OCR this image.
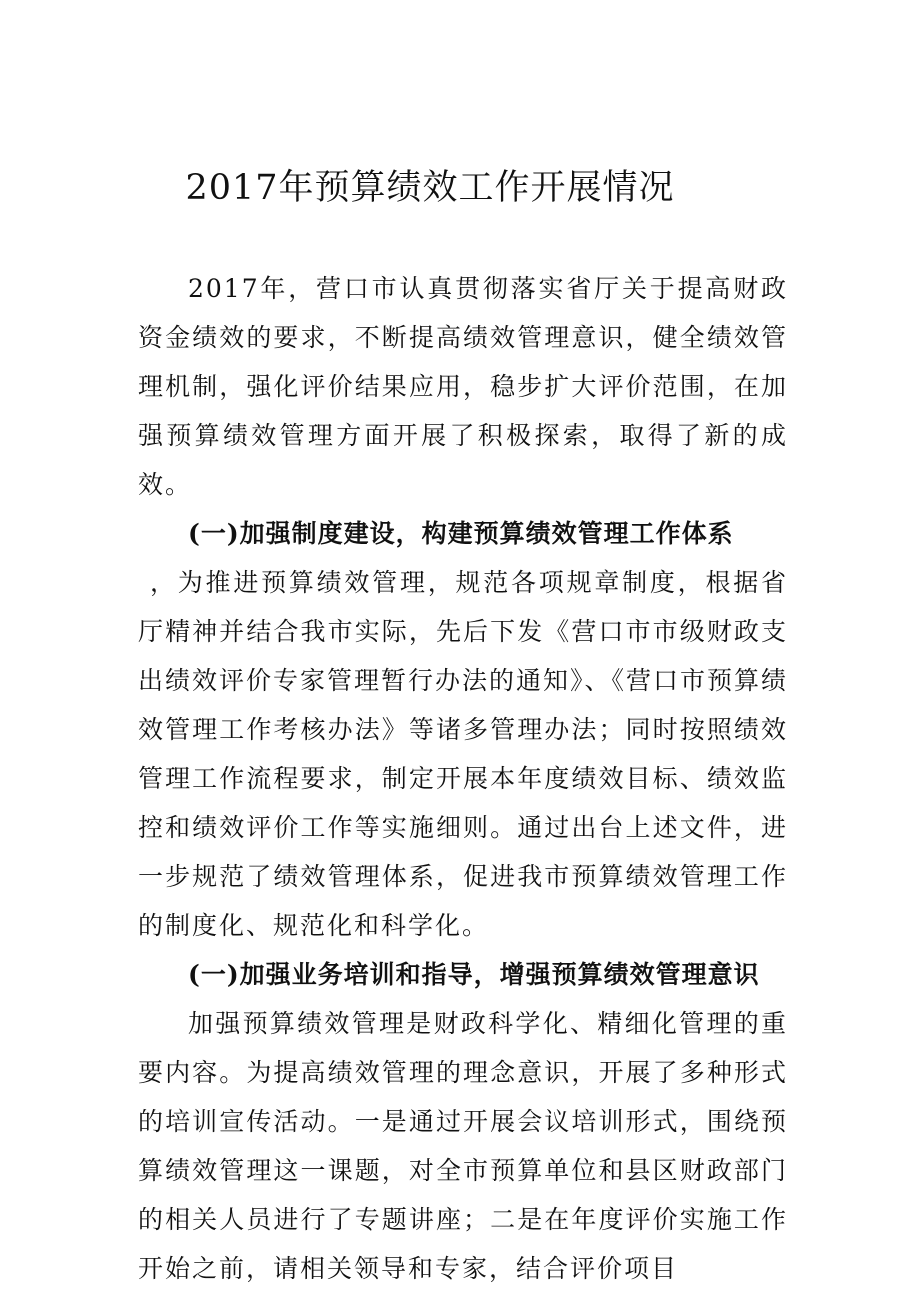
2017年预算绩效工作开展情况

2017年，营口市认真贯彻落实省厅关于提高财政资金绩效的要求，不断提高绩效管理意识，健全绩效管理机制，强化评价结果应用，稳步扩大评价范围，在加强预算绩效管理方面开展了积极探索，取得了新的成效。

(一)加强制度建设，构建预算绩效管理工作体系

，为推进预算绩效管理，规范各项规章制度，根据省厅精神并结合我市实际，先后下发《营口市市级财政支出绩效评价专家管理暂行办法的通知》、《营口市预算绩效管理工作考核办法》等诸多管理办法；同时按照绩效管理工作流程要求，制定开展本年度绩效目标、绩效监控和绩效评价工作等实施细则。通过出台上述文件，进一步规范了绩效管理体系，促进我市预算绩效管理工作的制度化、规范化和科学化。

(一)加强业务培训和指导，增强预算绩效管理意识

加强预算绩效管理是财政科学化、精细化管理的重要内容。为提高绩效管理的理念意识，开展了多种形式的培训宣传活动。一是通过开展会议培训形式，围绕预算绩效管理这一课题，对全市预算单位和县区财政部门的相关人员进行了专题讲座；二是在年度评价实施工作开始之前，请相关领导和专家，结合评价项目
